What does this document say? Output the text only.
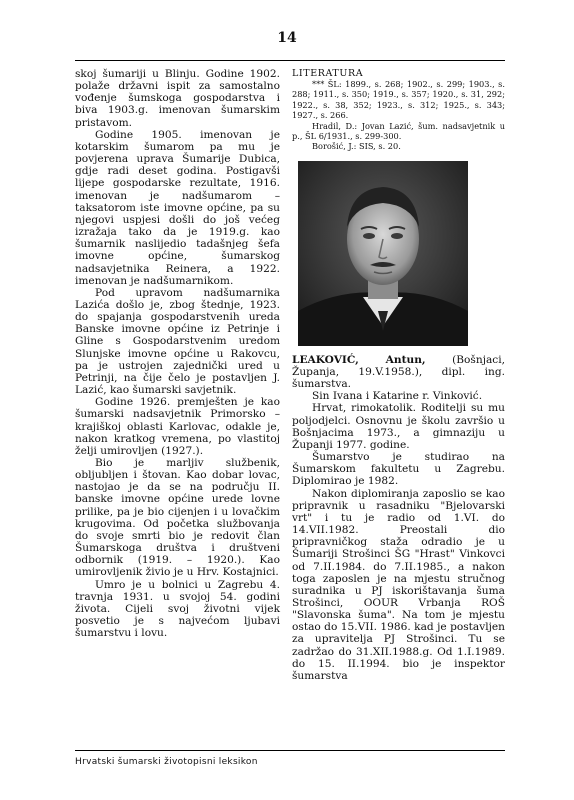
14

skoj šumariji u Blinju. Godine 1902. polaže državni ispit za samostalno vođenje šumskoga gospodarstva i biva 1903.g. imenovan šumarskim pristavom.

Godine 1905. imenovan je kotarskim šumarom pa mu je povjerena uprava Šumarije Dubica, gdje radi deset godina. Postigavši lijepe gospodarske rezultate, 1916. imenovan je nadšumarom – taksatorom iste imovne općine, pa su njegovi uspjesi došli do još većeg izražaja tako da je 1919.g. kao šumarnik naslijedio tadašnjeg šefa imovne općine, šumarskog nadsavjetnika Reinera, a 1922. imenovan je nadšumarnikom.

Pod upravom nadšumarnika Lazića došlo je, zbog štednje, 1923. do spajanja gospodarstvenih ureda Banske imovne općine iz Petrinje i Gline s Gospodarstvenim uredom Slunjske imovne općine u Rakovcu, pa je ustrojen zajednički ured u Petrinji, na čije čelo je postavljen J. Lazić, kao šumarski savjetnik.

Godine 1926. premješten je kao šumarski nadsavjetnik Primorsko – krajiškoj oblasti Karlovac, odakle je, nakon kratkog vremena, po vlastitoj želji umirovljen (1927.).

Bio je marljiv službenik, obljubljen i štovan. Kao dobar lovac, nastojao je da se na području II. banske imovne općine urede lovne prilike, pa je bio cijenjen i u lovačkim krugovima. Od početka službovanja do svoje smrti bio je redovit član Šumarskoga društva i društveni odbornik (1919. – 1920.). Kao umirovljenik živio je u Hrv. Kostajnici.

Umro je u bolnici u Zagrebu 4. travnja 1931. u svojoj 54. godini života. Cijeli svoj životni vijek posvetio je s najvećom ljubavi šumarstvu i lovu.

LITERATURA

*** ŠL: 1899., s. 268; 1902., s. 299; 1903., s. 288; 1911., s. 350; 1919., s. 357; 1920., s. 31, 292; 1922., s. 38, 352; 1923., s. 312; 1925., s. 343; 1927., s. 266.

Hradil, D.: Jovan Lazić, šum. nadsavjetnik u p., ŠL 6/1931., s. 299-300.

Borošić, J.: SIS, s. 20.

LEAKOVIĆ, Antun, (Bošnjaci, Županja, 19.V.1958.), dipl. ing. šumarstva.

Sin Ivana i Katarine r. Vinković.

Hrvat, rimokatolik. Roditelji su mu poljodjelci. Osnovnu je školu završio u Bošnjacima 1973., a gimnaziju u Županji 1977. godine.

Šumarstvo je studirao na Šumarskom fakultetu u Zagrebu. Diplomirao je 1982.

Nakon diplomiranja zaposlio se kao pripravnik u rasadniku "Bjelovarski vrt" i tu je radio od 1.VI. do 14.VII.1982. Preostali dio pripravničkog staža odradio je u Šumariji Strošinci ŠG "Hrast" Vinkovci od 7.II.1984. do 7.II.1985., a nakon toga zaposlen je na mjestu stručnog suradnika u PJ iskorištavanja šuma Strošinci, OOUR Vrbanja ROŠ "Slavonska šuma". Na tom je mjestu ostao do 15.VII. 1986. kad je postavljen za upravitelja PJ Strošinci. Tu se zadržao do 31.XII.1988.g. Od 1.I.1989. do 15. II.1994. bio je inspektor šumarstva

Hrvatski šumarski životopisni leksikon
